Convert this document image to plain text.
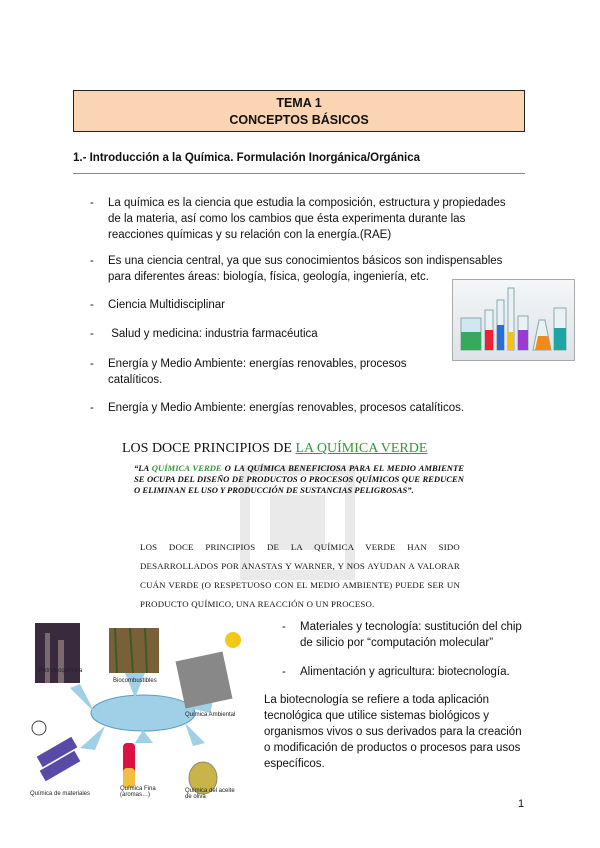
TEMA 1
CONCEPTOS BÁSICOS
1.- Introducción a la Química. Formulación Inorgánica/Orgánica
- La química es la ciencia que estudia la composición, estructura y propiedades de la materia, así como los cambios que ésta experimenta durante las reacciones químicas y su relación con la energía.(RAE)
- Es una ciencia central, ya que sus conocimientos básicos son indispensables para diferentes áreas: biología, física, geología, ingeniería, etc.
- Ciencia Multidisciplinar
- Salud y medicina: industria farmacéutica
- Energía y Medio Ambiente: energías renovables, procesos catalíticos.
- Energía y Medio Ambiente: energías renovables, procesos catalíticos.
LOS DOCE PRINCIPIOS DE LA QUÍMICA VERDE
“LA QUÍMICA VERDE O LA QUÍMICA BENEFICIOSA PARA EL MEDIO AMBIENTE SE OCUPA DEL DISEÑO DE PRODUCTOS O PROCESOS QUÍMICOS QUE REDUCEN O ELIMINAN EL USO Y PRODUCCIÓN DE SUSTANCIAS PELIGROSAS”.
LOS DOCE PRINCIPIOS DE LA QUÍMICA VERDE HAN SIDO DESARROLLADOS POR ANASTAS Y WARNER, Y NOS AYUDAN A VALORAR CUÁN VERDE (O RESPETUOSO CON EL MEDIO AMBIENTE) PUEDE SER UN PRODUCTO QUÍMICO, UNA REACCIÓN O UN PROCESO.
- Materiales y tecnología: sustitución del chip de silicio por “computación molecular”
- Alimentación y agricultura: biotecnología.
La biotecnología se refiere a toda aplicación tecnológica que utilice sistemas biológicos y organismos vivos o sus derivados para la creación o modificación de productos o procesos para usos específicos.
Petroleoquímica
Biocombustibles
Química Ambiental
Química de materiales
Química Fina (aromas…)
Química del aceite de oliva
1
